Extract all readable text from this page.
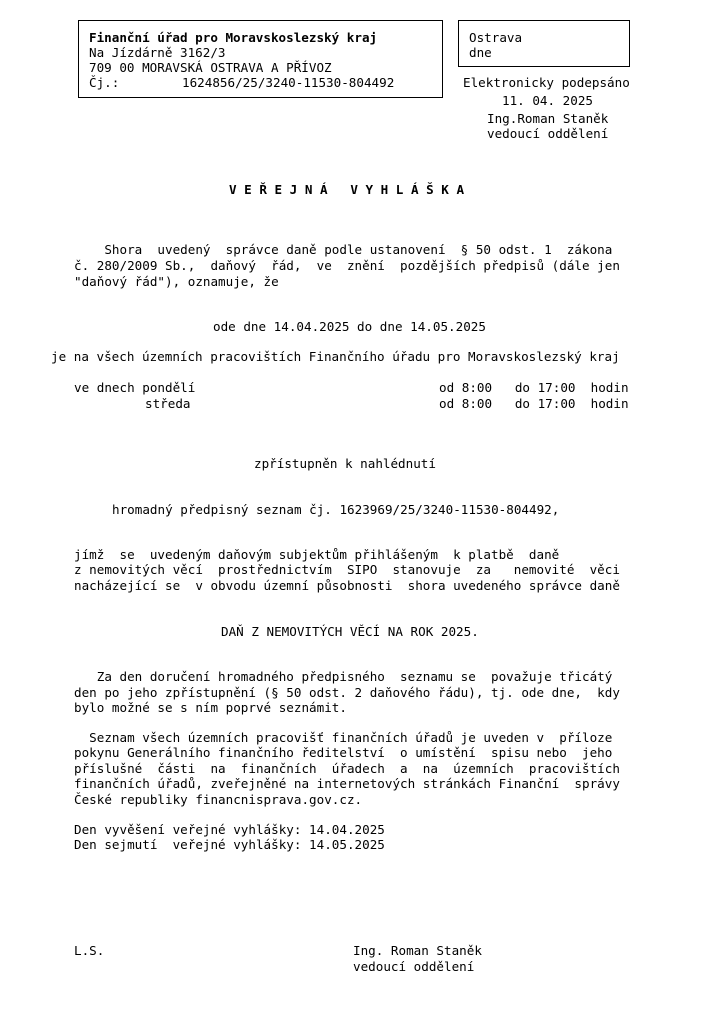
Finanční úřad pro Moravskoslezský kraj
Na Jízdárně 3162/3
709 00 MORAVSKÁ OSTRAVA A PŘÍVOZ
Čj.:	1624856/25/3240-11530-804492
Ostrava
dne
Elektronicky podepsáno
11. 04. 2025
Ing.Roman Staněk
vedoucí oddělení
V E Ř E J N Á   V Y H L Á Š K A
Shora  uvedený  správce daně podle ustanovení  § 50 odst. 1  zákona
č. 280/2009 Sb.,  daňový  řád,  ve  znění  pozdějších předpisů (dále jen
"daňový řád"), oznamuje, že
ode dne 14.04.2025 do dne 14.05.2025
je na všech územních pracovištích Finančního úřadu pro Moravskoslezský kraj
ve dnech pondělí	od 8:00   do 17:00  hodin
středa	od 8:00   do 17:00  hodin
zpřístupněn k nahlédnutí
hromadný předpisný seznam čj. 1623969/25/3240-11530-804492,
jímž  se  uvedeným daňovým subjektům přihlášeným  k platbě  daně
z nemovitých věcí  prostřednictvím  SIPO  stanovuje  za   nemovité  věci
nacházející se  v obvodu územní působnosti  shora uvedeného správce daně
DAŇ Z NEMOVITÝCH VĚCÍ NA ROK 2025.
Za den doručení hromadného předpisného  seznamu se  považuje třicátý
den po jeho zpřístupnění (§ 50 odst. 2 daňového řádu), tj. ode dne,  kdy
bylo možné se s ním poprvé seznámit.
Seznam všech územních pracovišť finančních úřadů je uveden v  příloze
pokynu Generálního finančního ředitelství  o umístění  spisu nebo  jeho
příslušné  části  na  finančních  úřadech  a  na  územních  pracovištích
finančních úřadů, zveřejněné na internetových stránkách Finanční  správy
České republiky financnisprava.gov.cz.
Den vyvěšení veřejné vyhlášky: 14.04.2025
Den sejmutí  veřejné vyhlášky: 14.05.2025
L.S.	Ing. Roman Staněk
vedoucí oddělení
